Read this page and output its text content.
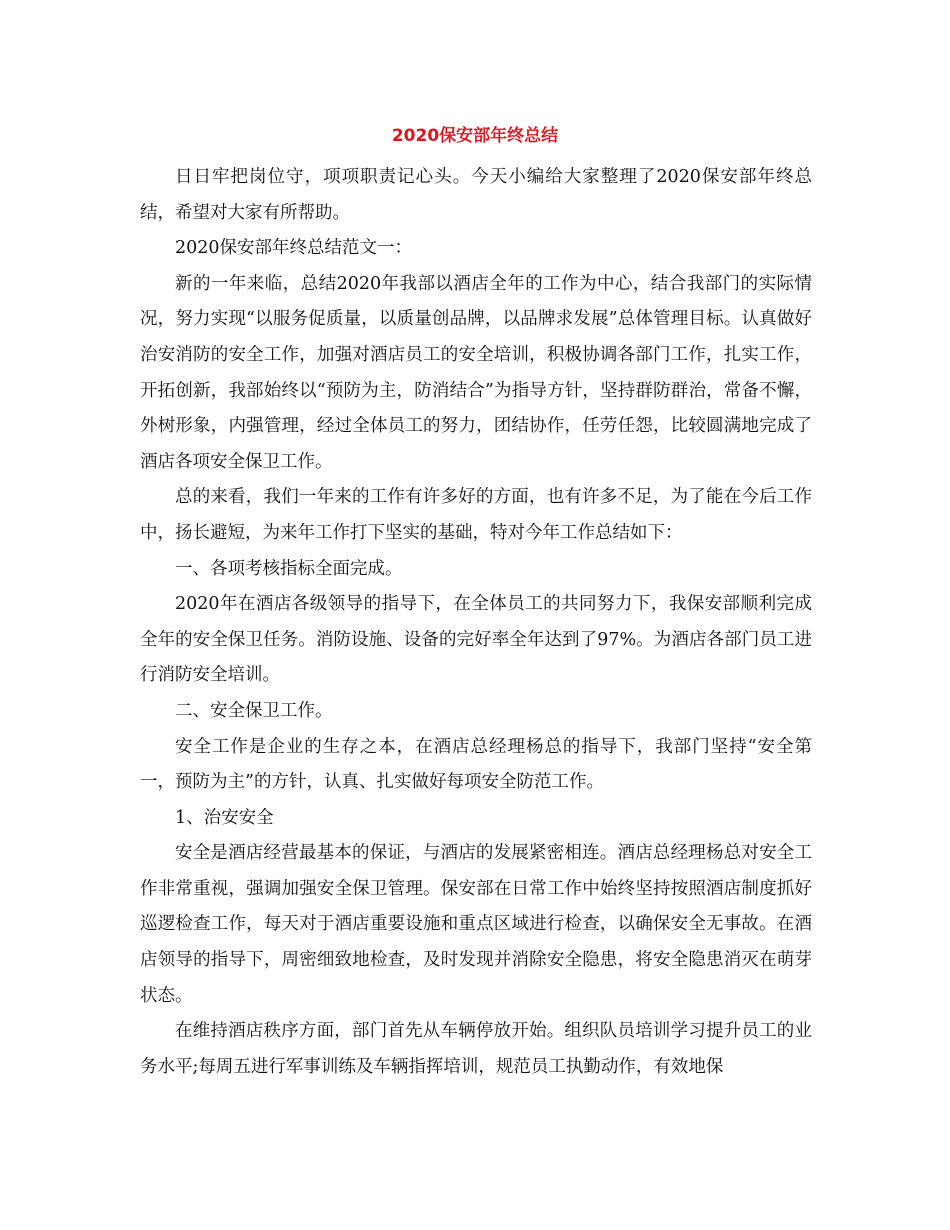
2020保安部年终总结

日日牢把岗位守，项项职责记心头。今天小编给大家整理了2020保安部年终总结，希望对大家有所帮助。

2020保安部年终总结范文一：

新的一年来临，总结2020年我部以酒店全年的工作为中心，结合我部门的实际情况，努力实现“以服务促质量，以质量创品牌，以品牌求发展”总体管理目标。认真做好治安消防的安全工作，加强对酒店员工的安全培训，积极协调各部门工作，扎实工作，开拓创新，我部始终以“预防为主，防消结合”为指导方针，坚持群防群治，常备不懈，外树形象，内强管理，经过全体员工的努力，团结协作，任劳任怨，比较圆满地完成了酒店各项安全保卫工作。

总的来看，我们一年来的工作有许多好的方面，也有许多不足，为了能在今后工作中，扬长避短，为来年工作打下坚实的基础，特对今年工作总结如下：

一、各项考核指标全面完成。

2020年在酒店各级领导的指导下，在全体员工的共同努力下，我保安部顺利完成全年的安全保卫任务。消防设施、设备的完好率全年达到了97%。为酒店各部门员工进行消防安全培训。

二、安全保卫工作。

安全工作是企业的生存之本，在酒店总经理杨总的指导下，我部门坚持“安全第一，预防为主”的方针，认真、扎实做好每项安全防范工作。

1、治安安全

安全是酒店经营最基本的保证，与酒店的发展紧密相连。酒店总经理杨总对安全工作非常重视，强调加强安全保卫管理。保安部在日常工作中始终坚持按照酒店制度抓好巡逻检查工作，每天对于酒店重要设施和重点区域进行检查，以确保安全无事故。在酒店领导的指导下，周密细致地检查，及时发现并消除安全隐患，将安全隐患消灭在萌芽状态。

在维持酒店秩序方面，部门首先从车辆停放开始。组织队员培训学习提升员工的业务水平;每周五进行军事训练及车辆指挥培训，规范员工执勤动作，有效地保
